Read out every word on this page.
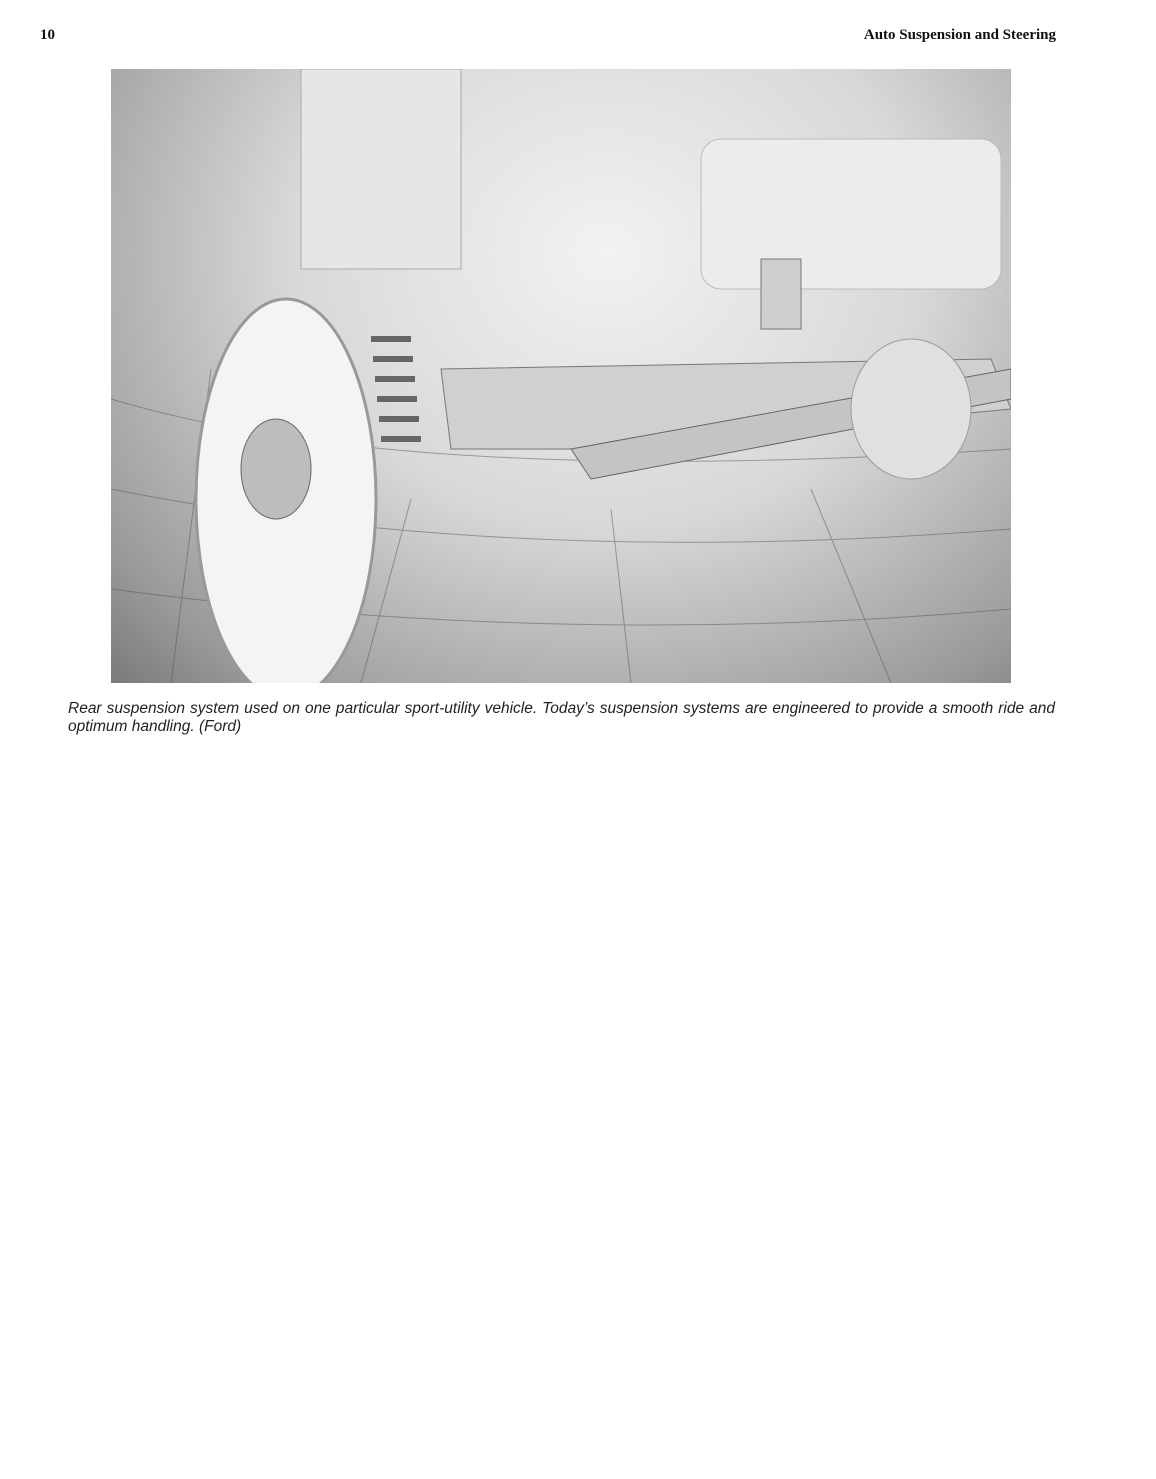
10	Auto Suspension and Steering
Rear suspension system used on one particular sport-utility vehicle. Today’s suspension systems are engineered to provide a smooth ride and optimum handling. (Ford)
